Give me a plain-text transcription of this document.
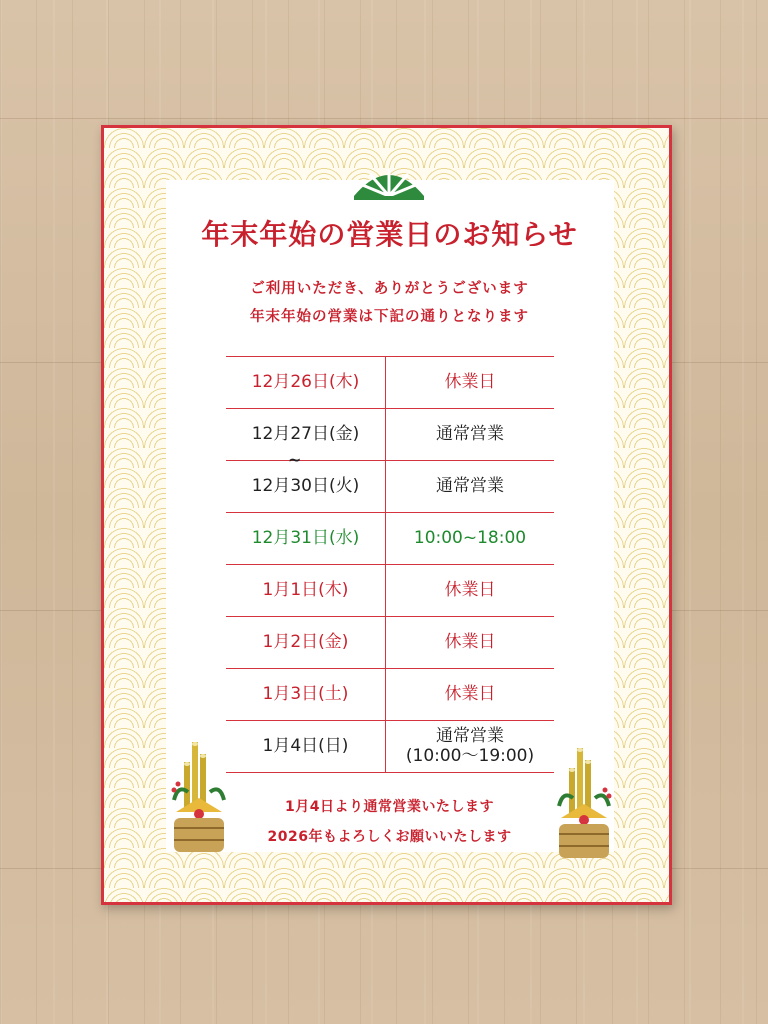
年末年始の営業日のお知らせ
ご利用いただき、ありがとうございます
年末年始の営業は下記の通りとなります
12月26日(木)	休業日
12月27日(金)	通常営業
~
12月30日(火)	通常営業
12月31日(水)	10:00~18:00
1月1日(木)	休業日
1月2日(金)	休業日
1月3日(土)	休業日
1月4日(日)	通常営業
(10:00〜19:00)
1月4日より通常営業いたします
2026年もよろしくお願いいたします
